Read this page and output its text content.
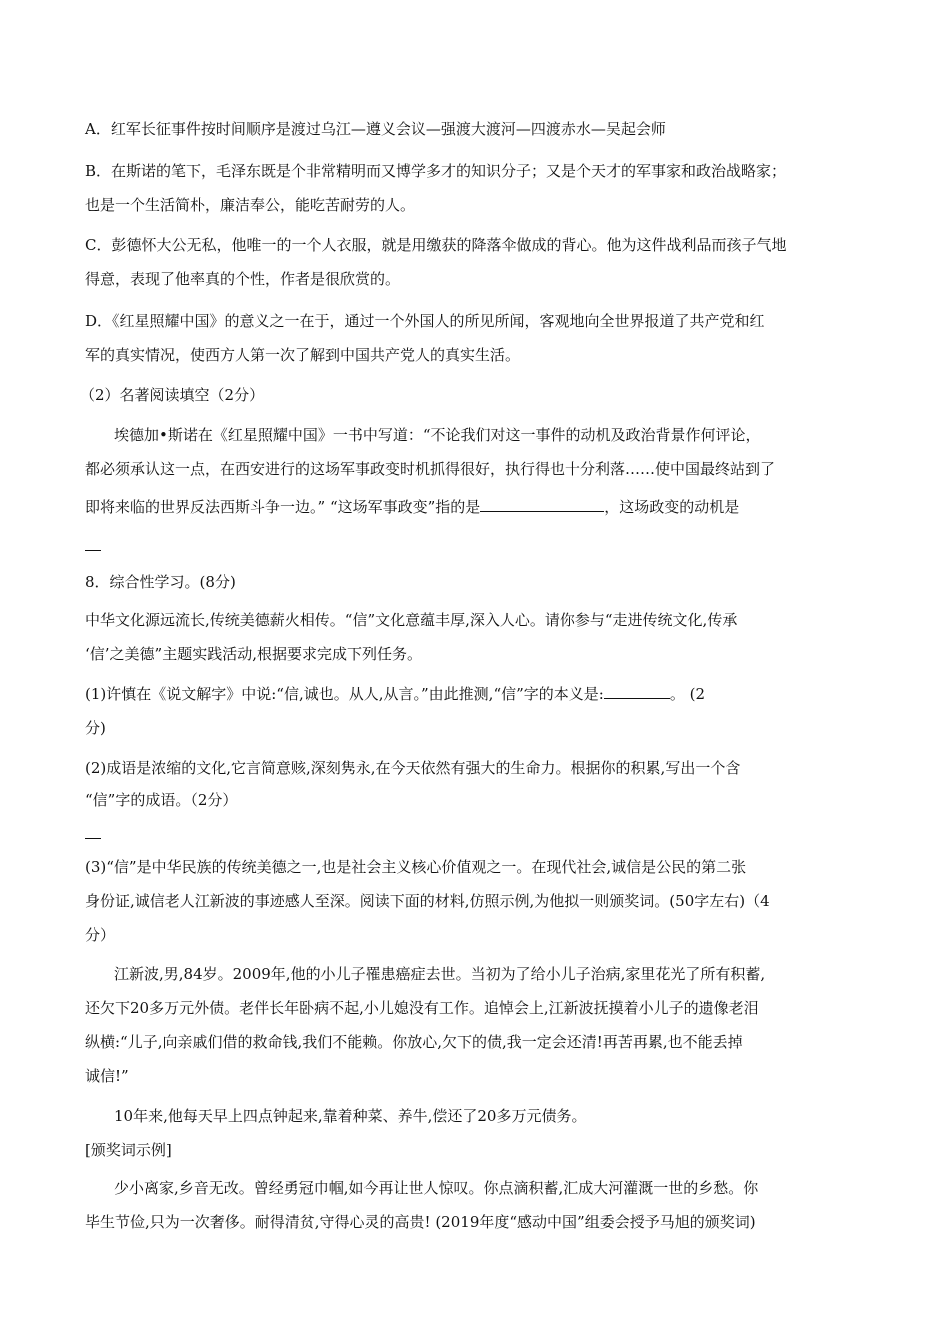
A．红军长征事件按时间顺序是渡过乌江—遵义会议—强渡大渡河—四渡赤水—吴起会师
B．在斯诺的笔下，毛泽东既是个非常精明而又博学多才的知识分子；又是个天才的军事家和政治战略家；
也是一个生活简朴，廉洁奉公，能吃苦耐劳的人。
C．彭德怀大公无私，他唯一的一个人衣服，就是用缴获的降落伞做成的背心。他为这件战利品而孩子气地
得意，表现了他率真的个性，作者是很欣赏的。
D．《红星照耀中国》的意义之一在于，通过一个外国人的所见所闻，客观地向全世界报道了共产党和红
军的真实情况，使西方人第一次了解到中国共产党人的真实生活。
（2）名著阅读填空（2分）
埃德加•斯诺在《红星照耀中国》一书中写道：“不论我们对这一事件的动机及政治背景作何评论，
都必须承认这一点，在西安进行的这场军事政变时机抓得很好，执行得也十分利落……使中国最终站到了
即将来临的世界反法西斯斗争一边。” “这场军事政变”指的是	，这场政变的动机是
8．综合性学习。(8分)
中华文化源远流长,传统美德薪火相传。“信”文化意蕴丰厚,深入人心。请你参与“走进传统文化,传承
‘信’之美德”主题实践活动,根据要求完成下列任务。
(1)许慎在《说文解字》中说:“信,诚也。从人,从言。”由此推测,“信”字的本义是:	。 (2
分)
(2)成语是浓缩的文化,它言简意赅,深刻隽永,在今天依然有强大的生命力。根据你的积累,写出一个含
“信”字的成语。（2分）
(3)“信”是中华民族的传统美德之一,也是社会主义核心价值观之一。在现代社会,诚信是公民的第二张
身份证,诚信老人江新波的事迹感人至深。阅读下面的材料,仿照示例,为他拟一则颁奖词。(50字左右)（4
分）
江新波,男,84岁。2009年,他的小儿子罹患癌症去世。当初为了给小儿子治病,家里花光了所有积蓄,
还欠下20多万元外债。老伴长年卧病不起,小儿媳没有工作。追悼会上,江新波抚摸着小儿子的遗像老泪
纵横:“儿子,向亲戚们借的救命钱,我们不能赖。你放心,欠下的债,我一定会还清!再苦再累,也不能丢掉
诚信!”
10年来,他每天早上四点钟起来,靠着种菜、养牛,偿还了20多万元债务。
[颁奖词示例]
少小离家,乡音无改。曾经勇冠巾帼,如今再让世人惊叹。你点滴积蓄,汇成大河灌溉一世的乡愁。你
毕生节俭,只为一次奢侈。耐得清贫,守得心灵的高贵! (2019年度“感动中国”组委会授予马旭的颁奖词)
